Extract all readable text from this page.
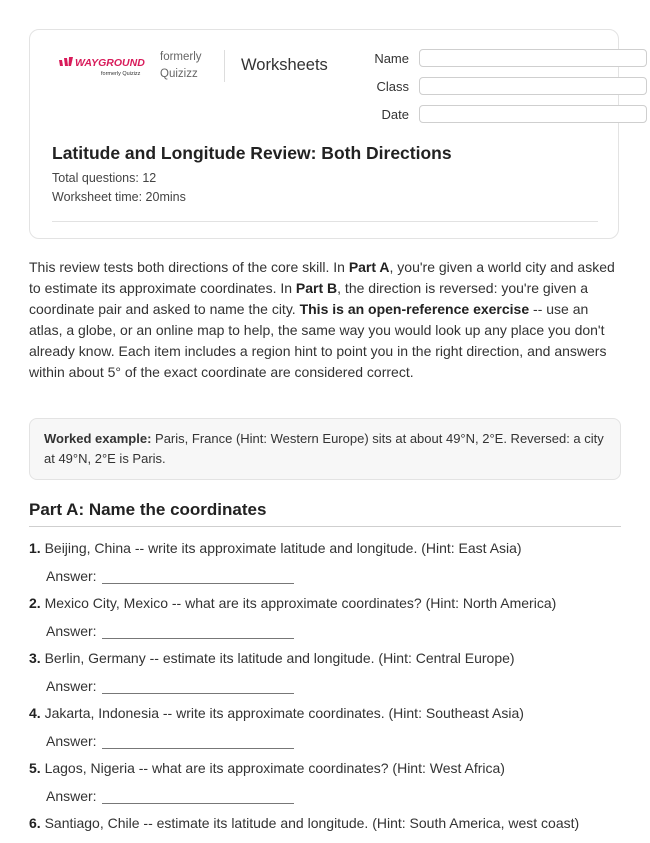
WAYGROUND
formerly Quizizz
formerly
Quizizz	Worksheets	Name
Class
Date
Latitude and Longitude Review: Both Directions
Total questions: 12
Worksheet time: 20mins
This review tests both directions of the core skill. In Part A, you're given a world city and asked to estimate its approximate coordinates. In Part B, the direction is reversed: you're given a coordinate pair and asked to name the city. This is an open-reference exercise -- use an atlas, a globe, or an online map to help, the same way you would look up any place you don't already know. Each item includes a region hint to point you in the right direction, and answers within about 5° of the exact coordinate are considered correct.
Worked example: Paris, France (Hint: Western Europe) sits at about 49°N, 2°E. Reversed: a city at 49°N, 2°E is Paris.
Part A: Name the coordinates
1. Beijing, China -- write its approximate latitude and longitude. (Hint: East Asia)
Answer:
2. Mexico City, Mexico -- what are its approximate coordinates? (Hint: North America)
Answer:
3. Berlin, Germany -- estimate its latitude and longitude. (Hint: Central Europe)
Answer:
4. Jakarta, Indonesia -- write its approximate coordinates. (Hint: Southeast Asia)
Answer:
5. Lagos, Nigeria -- what are its approximate coordinates? (Hint: West Africa)
Answer:
6. Santiago, Chile -- estimate its latitude and longitude. (Hint: South America, west coast)
